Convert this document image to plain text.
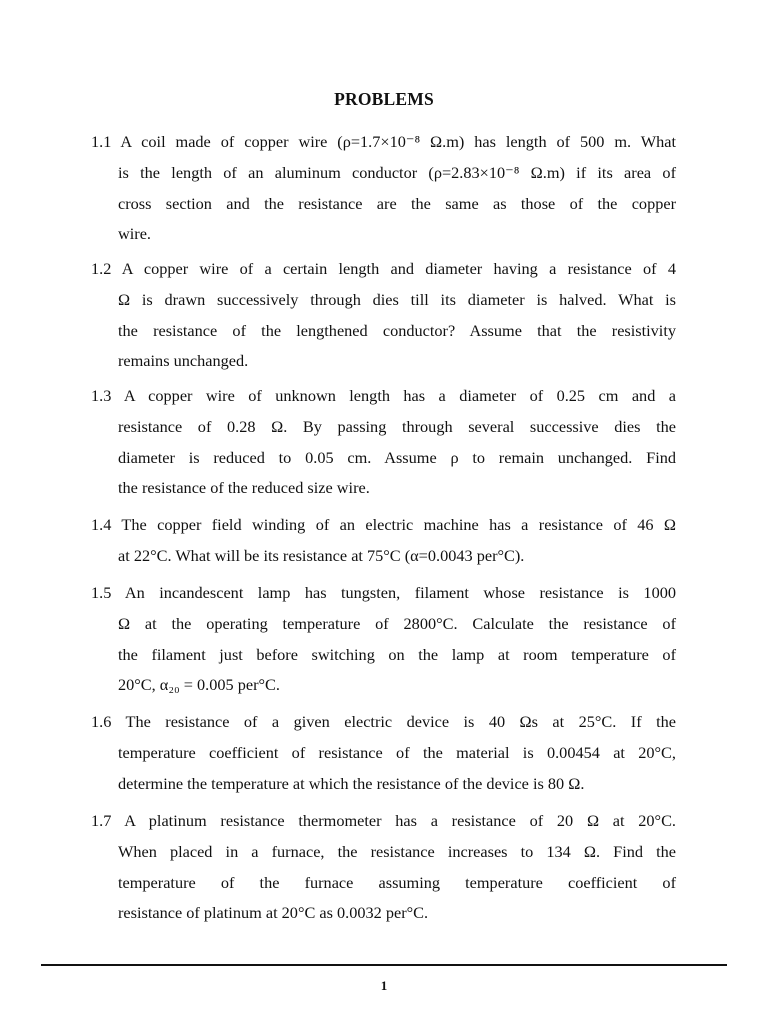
PROBLEMS
1.1 A coil made of copper wire (ρ=1.7×10⁻⁸ Ω.m) has length of 500 m. What
is the length of an aluminum conductor (ρ=2.83×10⁻⁸ Ω.m) if its area of
cross section and the resistance are the same as those of the copper
wire.
1.2 A copper wire of a certain length and diameter having a resistance of 4
Ω is drawn successively through dies till its diameter is halved. What is
the resistance of the lengthened conductor? Assume that the resistivity
remains unchanged.
1.3 A copper wire of unknown length has a diameter of 0.25 cm and a
resistance of 0.28 Ω. By passing through several successive dies the
diameter is reduced to 0.05 cm. Assume ρ to remain unchanged. Find
the resistance of the reduced size wire.
1.4 The copper field winding of an electric machine has a resistance of 46 Ω
at 22°C. What will be its resistance at 75°C (α=0.0043 per°C).
1.5 An incandescent lamp has tungsten, filament whose resistance is 1000
Ω at the operating temperature of 2800°C. Calculate the resistance of
the filament just before switching on the lamp at room temperature of
20°C, α₂₀ = 0.005 per°C.
1.6 The resistance of a given electric device is 40 Ωs at 25°C. If the
temperature coefficient of resistance of the material is 0.00454 at 20°C,
determine the temperature at which the resistance of the device is 80 Ω.
1.7 A platinum resistance thermometer has a resistance of 20 Ω at 20°C.
When placed in a furnace, the resistance increases to 134 Ω. Find the
temperature of the furnace assuming temperature coefficient of
resistance of platinum at 20°C as 0.0032 per°C.
1
